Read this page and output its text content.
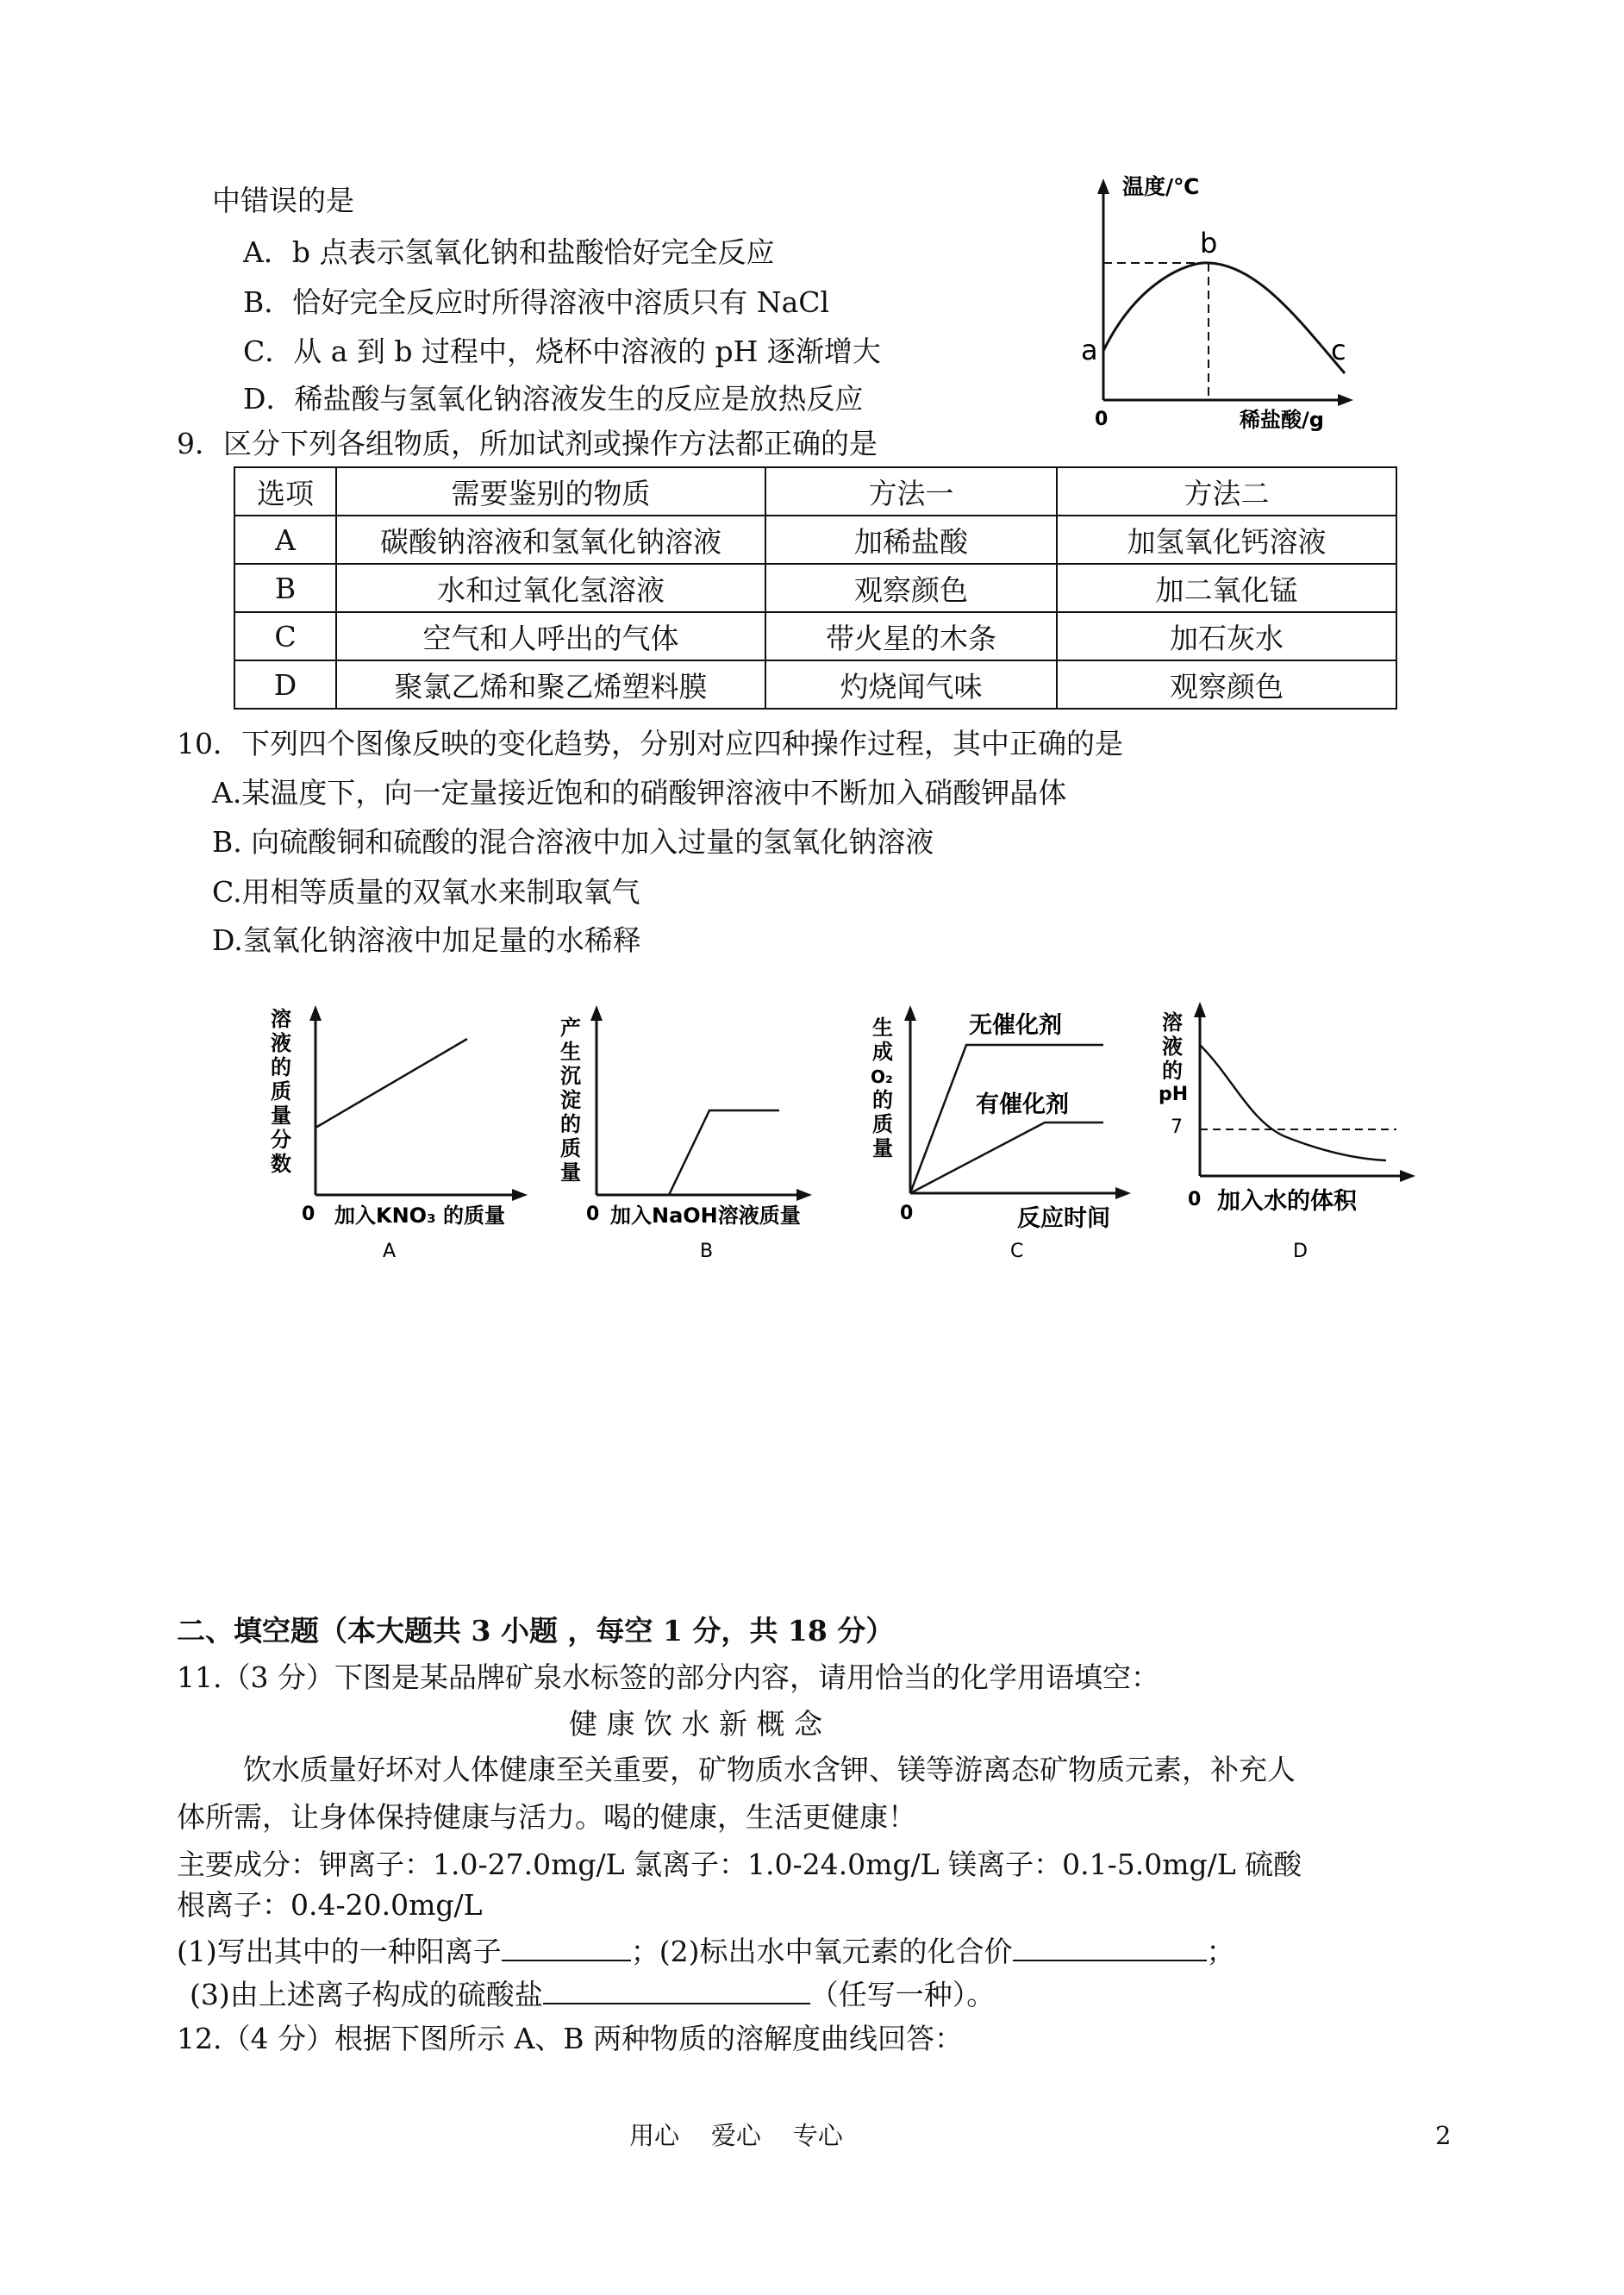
中错误的是
A．b 点表示氢氧化钠和盐酸恰好完全反应
B．恰好完全反应时所得溶液中溶质只有 NaCl
C．从 a 到 b 过程中，烧杯中溶液的 pH 逐渐增大
D．稀盐酸与氢氧化钠溶液发生的反应是放热反应
温度/℃
b
a	c
0	稀盐酸/g
9．区分下列各组物质，所加试剂或操作方法都正确的是
选项	需要鉴别的物质	方法一	方法二
A	碳酸钠溶液和氢氧化钠溶液	加稀盐酸	加氢氧化钙溶液
B	水和过氧化氢溶液	观察颜色	加二氧化锰
C	空气和人呼出的气体	带火星的木条	加石灰水
D	聚氯乙烯和聚乙烯塑料膜	灼烧闻气味	观察颜色
10．下列四个图像反映的变化趋势，分别对应四种操作过程，其中正确的是
A.某温度下，向一定量接近饱和的硝酸钾溶液中不断加入硝酸钾晶体
B. 向硫酸铜和硫酸的混合溶液中加入过量的氢氧化钠溶液
C.用相等质量的双氧水来制取氧气
D.氢氧化钠溶液中加足量的水稀释
溶
液
的
质
量
分
数
0 加入KNO₃ 的质量
A
产
生
沉
淀
的
质
量
0 加入NaOH溶液质量
B
无催化剂
有催化剂
生
成
O₂
的
质
量
0	反应时间
C
溶
液
的
pH
7
0 加入水的体积
D
二、填空题（本大题共 3 小题 ，每空 1 分，共 18 分）
11.（3 分）下图是某品牌矿泉水标签的部分内容，请用恰当的化学用语填空：
健 康 饮 水 新 概 念
饮水质量好坏对人体健康至关重要，矿物质水含钾、镁等游离态矿物质元素，补充人
体所需，让身体保持健康与活力。喝的健康，生活更健康！
主要成分：钾离子：1.0-27.0mg/L 氯离子：1.0-24.0mg/L 镁离子：0.1-5.0mg/L 硫酸
根离子：0.4-20.0mg/L
(1)写出其中的一种阳离子	；(2)标出水中氧元素的化合价	；
(3)由上述离子构成的硫酸盐	（任写一种）。
12.（4 分）根据下图所示 A、B 两种物质的溶解度曲线回答：
用心    爱心    专心	2
